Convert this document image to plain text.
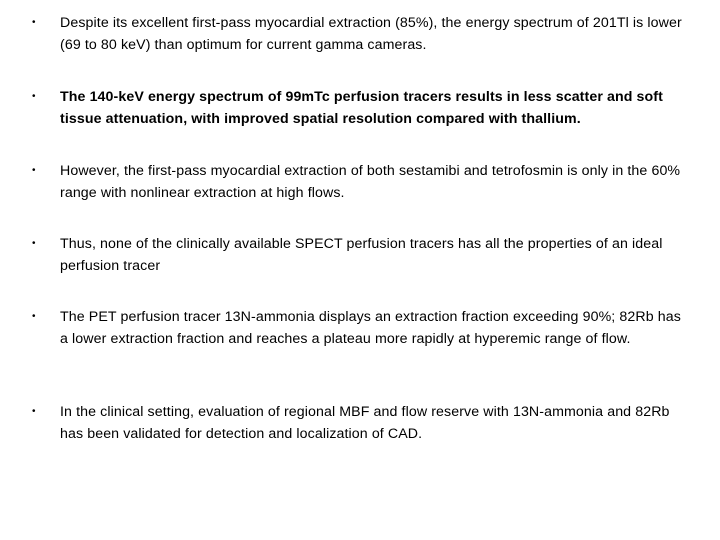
•	Despite its excellent first-pass myocardial extraction (85%), the energy spectrum of 201Tl is lower (69 to 80 keV) than optimum for current gamma cameras.
•	The 140-keV energy spectrum of 99mTc perfusion tracers results in less scatter and soft tissue attenuation, with improved spatial resolution compared with thallium.
•	However, the first-pass myocardial extraction of both sestamibi and tetrofosmin is only in the 60% range with nonlinear extraction at high flows.
•	Thus, none of the clinically available SPECT perfusion tracers has all the properties of an ideal perfusion tracer
•	The PET perfusion tracer 13N-ammonia displays an extraction fraction exceeding 90%; 82Rb has a lower extraction fraction and reaches a plateau more rapidly at hyperemic range of flow.
•	In the clinical setting, evaluation of regional MBF and flow reserve with 13N-ammonia and 82Rb has been validated for detection and localization of CAD.
